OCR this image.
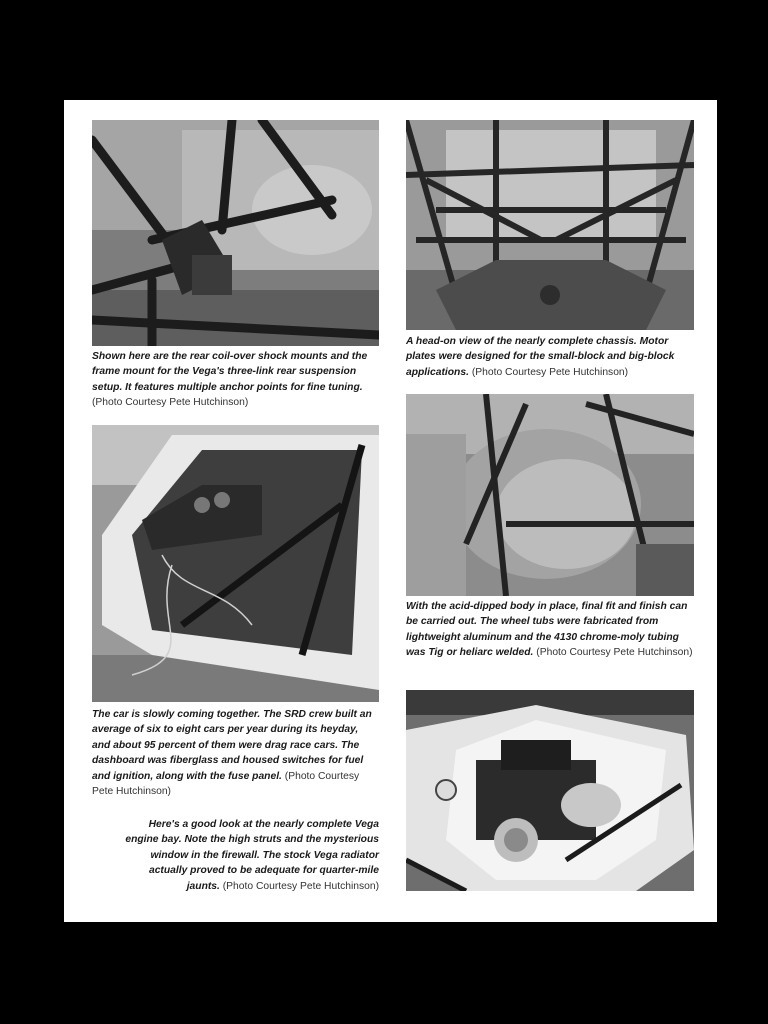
Shown here are the rear coil-over shock mounts and the frame mount for the Vega's three-link rear suspension setup. It features multiple anchor points for fine tuning. (Photo Courtesy Pete Hutchinson)
A head-on view of the nearly complete chassis. Motor plates were designed for the small-block and big-block applications. (Photo Courtesy Pete Hutchinson)
With the acid-dipped body in place, final fit and finish can be carried out. The wheel tubs were fabricated from lightweight aluminum and the 4130 chrome-moly tubing was Tig or heliarc welded. (Photo Courtesy Pete Hutchinson)
The car is slowly coming together. The SRD crew built an average of six to eight cars per year during its heyday, and about 95 percent of them were drag race cars. The dashboard was fiberglass and housed switches for fuel and ignition, along with the fuse panel. (Photo Courtesy Pete Hutchinson)
Here's a good look at the nearly complete Vega engine bay. Note the high struts and the mysterious window in the firewall. The stock Vega radiator actually proved to be adequate for quarter-mile jaunts. (Photo Courtesy Pete Hutchinson)
